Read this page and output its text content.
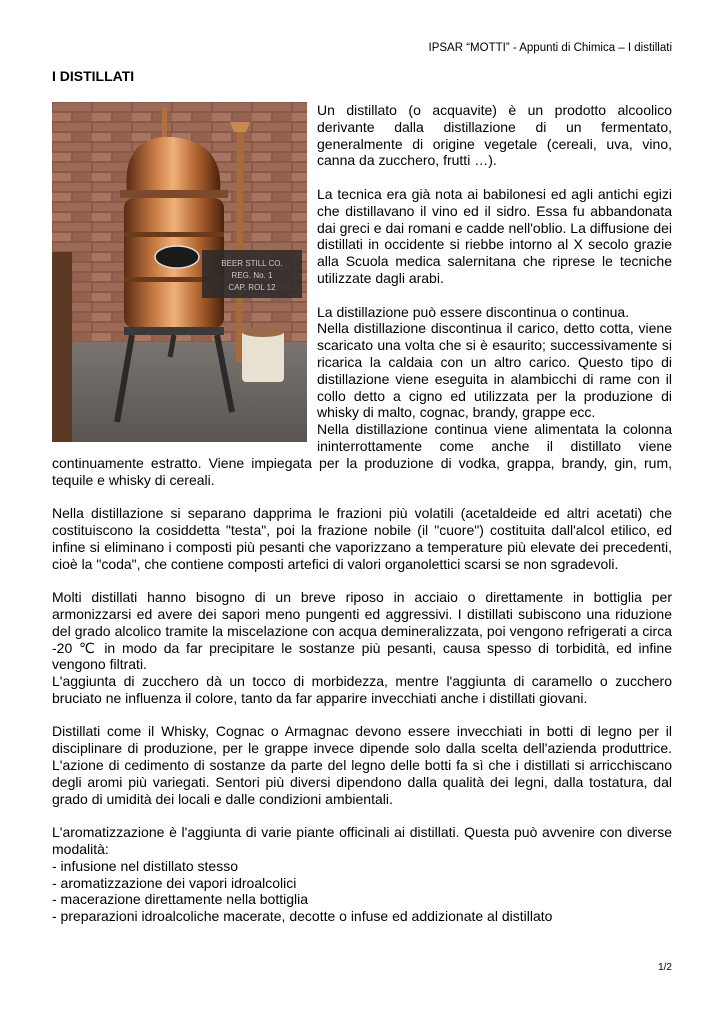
IPSAR “MOTTI” - Appunti di Chimica – I distillati
I DISTILLATI
BEER STILL CO.
REG. No. 1
CAP. ROL 12

Un distillato (o acquavite) è un prodotto alcoolico derivante dalla distillazione di un fermentato, generalmente di origine vegetale (cereali, uva, vino, canna da zucchero, frutti …).

La tecnica era già nota ai babilonesi ed agli antichi egizi che distillavano il vino ed il sidro. Essa fu abbandonata dai greci e dai romani e cadde nell'oblio. La diffusione dei distillati in occidente si riebbe intorno al X secolo grazie alla Scuola medica salernitana che riprese le tecniche utilizzate dagli arabi.

La distillazione può essere discontinua o continua.

Nella distillazione discontinua il carico, detto cotta, viene scaricato una volta che si è esaurito; successivamente si ricarica la caldaia con un altro carico. Questo tipo di distillazione viene eseguita in alambicchi di rame con il collo detto a cigno ed utilizzata per la produzione di whisky di malto, cognac, brandy, grappe ecc.

Nella distillazione continua viene alimentata la colonna ininterrottamente come anche il distillato viene continuamente estratto. Viene impiegata per la produzione di vodka, grappa, brandy, gin, rum, tequile e whisky di cereali.

Nella distillazione si separano dapprima le frazioni più volatili (acetaldeide ed altri acetati) che costituiscono la cosiddetta "testa", poi la frazione nobile (il "cuore") costituita dall'alcol etilico, ed infine si eliminano i composti più pesanti che vaporizzano a temperature più elevate dei precedenti, cioè la "coda", che contiene composti artefici di valori organolettici scarsi se non sgradevoli.

Molti distillati hanno bisogno di un breve riposo in acciaio o direttamente in bottiglia per armonizzarsi ed avere dei sapori meno pungenti ed aggressivi. I distillati subiscono una riduzione del grado alcolico tramite la miscelazione con acqua demineralizzata, poi vengono refrigerati a circa -20 ℃ in modo da far precipitare le sostanze più pesanti, causa spesso di torbidità, ed infine vengono filtrati.

L'aggiunta di zucchero dà un tocco di morbidezza, mentre l'aggiunta di caramello o zucchero bruciato ne influenza il colore, tanto da far apparire invecchiati anche i distillati giovani.

Distillati come il Whisky, Cognac o Armagnac devono essere invecchiati in botti di legno per il disciplinare di produzione, per le grappe invece dipende solo dalla scelta dell'azienda produttrice. L'azione di cedimento di sostanze da parte del legno delle botti fa sì che i distillati si arricchiscano degli aromi più variegati. Sentori più diversi dipendono dalla qualità dei legni, dalla tostatura, dal grado di umidità dei locali e dalle condizioni ambientali.

L'aromatizzazione è l'aggiunta di varie piante officinali ai distillati. Questa può avvenire con diverse modalità:

- infusione nel distillato stesso
- aromatizzazione dei vapori idroalcolici
- macerazione direttamente nella bottiglia
- preparazioni idroalcoliche macerate, decotte o infuse ed addizionate al distillato
1/2
